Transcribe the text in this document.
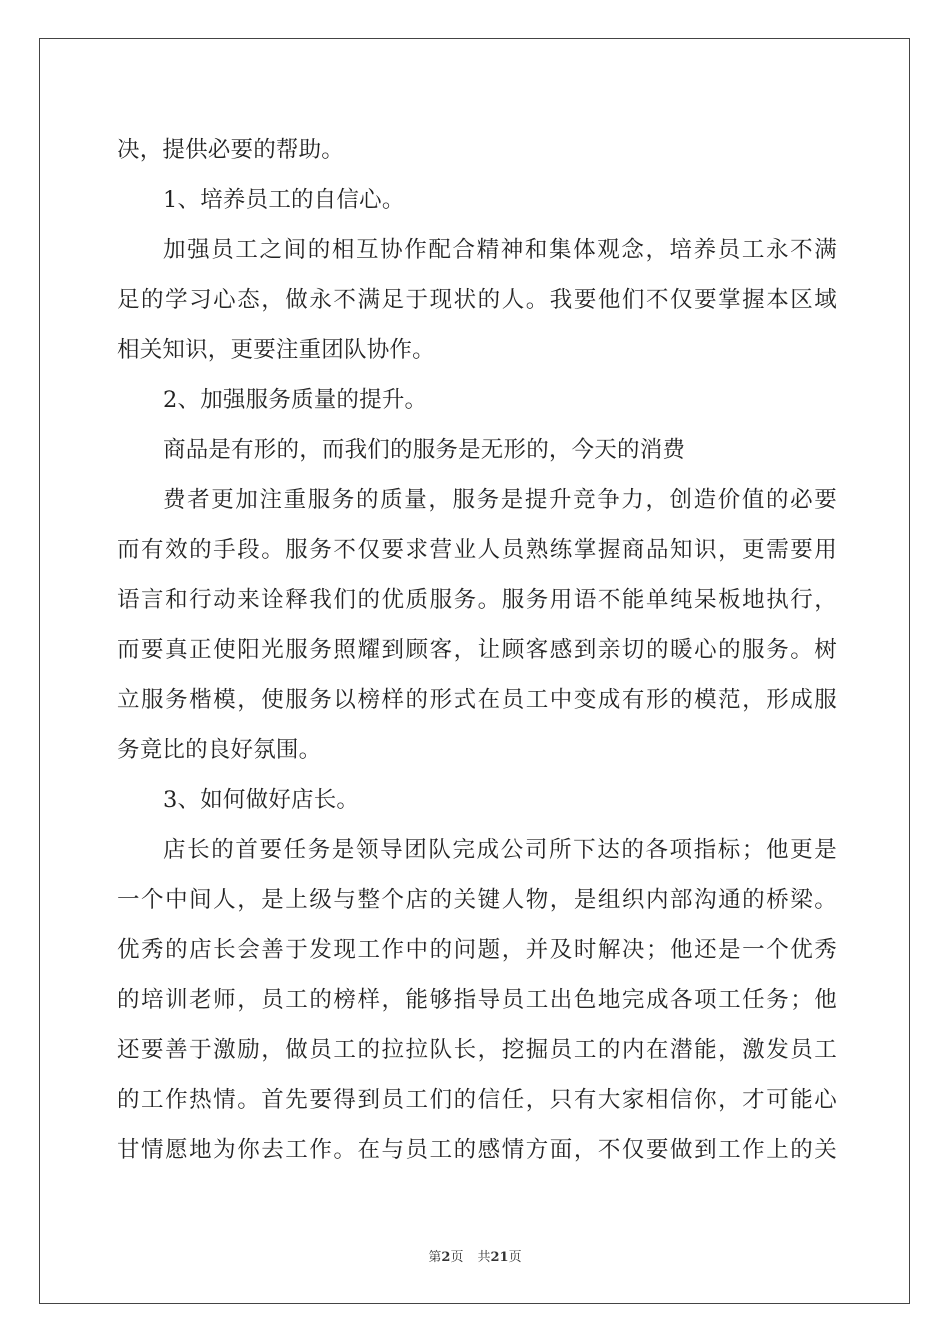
决，提供必要的帮助。
1、培养员工的自信心。
加强员工之间的相互协作配合精神和集体观念，培养员工永不满
足的学习心态，做永不满足于现状的人。我要他们不仅要掌握本区域
相关知识，更要注重团队协作。
2、加强服务质量的提升。
商品是有形的，而我们的服务是无形的，今天的消费
费者更加注重服务的质量，服务是提升竞争力，创造价值的必要
而有效的手段。服务不仅要求营业人员熟练掌握商品知识，更需要用
语言和行动来诠释我们的优质服务。服务用语不能单纯呆板地执行，
而要真正使阳光服务照耀到顾客，让顾客感到亲切的暖心的服务。树
立服务楷模，使服务以榜样的形式在员工中变成有形的模范，形成服
务竟比的良好氛围。
3、如何做好店长。
店长的首要任务是领导团队完成公司所下达的各项指标；他更是
一个中间人，是上级与整个店的关键人物，是组织内部沟通的桥梁。
优秀的店长会善于发现工作中的问题，并及时解决；他还是一个优秀
的培训老师，员工的榜样，能够指导员工出色地完成各项工任务；他
还要善于激励，做员工的拉拉队长，挖掘员工的内在潜能，激发员工
的工作热情。首先要得到员工们的信任，只有大家相信你，才可能心
甘情愿地为你去工作。在与员工的感情方面，不仅要做到工作上的关
第2页 共21页
